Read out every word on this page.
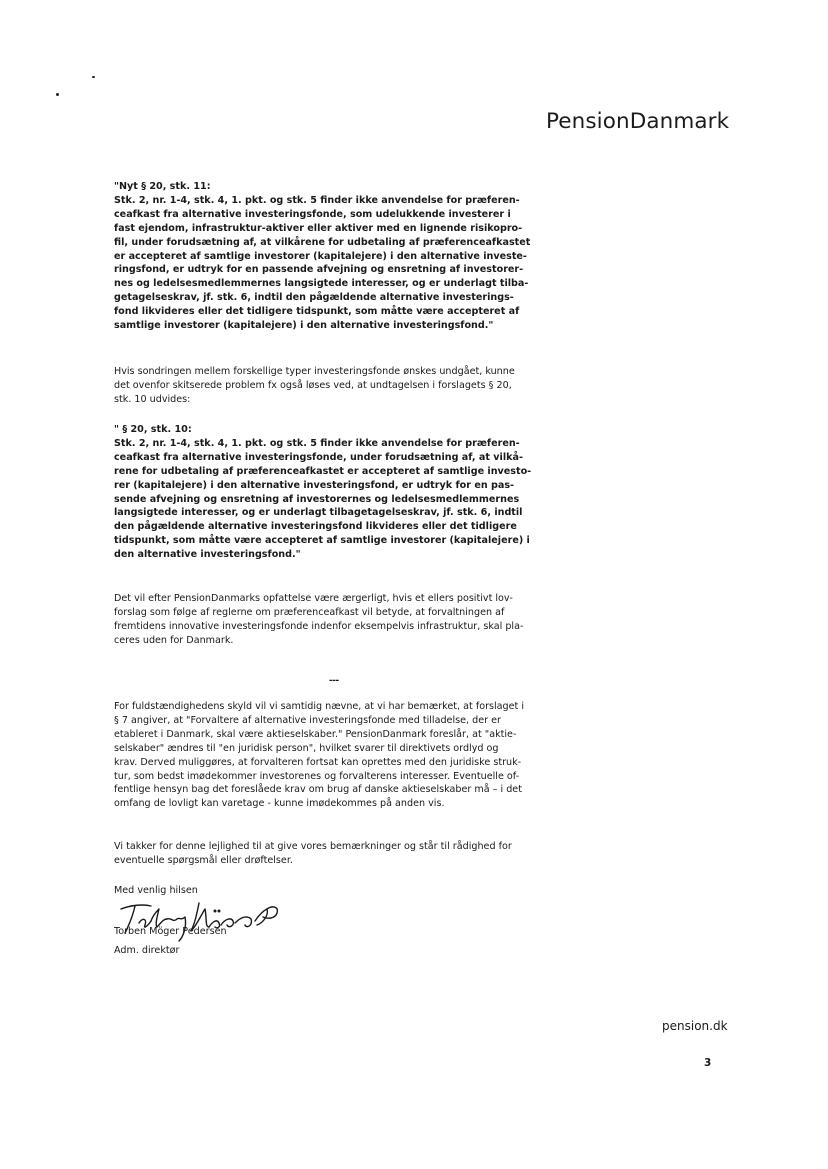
PensionDanmark
"Nyt § 20, stk. 11:
Stk. 2, nr. 1-4, stk. 4, 1. pkt. og stk. 5 finder ikke anvendelse for præferen-
ceafkast fra alternative investeringsfonde, som udelukkende investerer i
fast ejendom, infrastruktur-aktiver eller aktiver med en lignende risikopro-
fil, under forudsætning af, at vilkårene for udbetaling af præferenceafkastet
er accepteret af samtlige investorer (kapitalejere) i den alternative investe-
ringsfond, er udtryk for en passende afvejning og ensretning af investorer-
nes og ledelsesmedlemmernes langsigtede interesser, og er underlagt tilba-
getagelseskrav, jf. stk. 6, indtil den pågældende alternative investerings-
fond likvideres eller det tidligere tidspunkt, som måtte være accepteret af
samtlige investorer (kapitalejere) i den alternative investeringsfond."
Hvis sondringen mellem forskellige typer investeringsfonde ønskes undgået, kunne
det ovenfor skitserede problem fx også løses ved, at undtagelsen i forslagets § 20,
stk. 10 udvides:
" § 20, stk. 10:
Stk. 2, nr. 1-4, stk. 4, 1. pkt. og stk. 5 finder ikke anvendelse for præferen-
ceafkast fra alternative investeringsfonde, under forudsætning af, at vilkå-
rene for udbetaling af præferenceafkastet er accepteret af samtlige investo-
rer (kapitalejere) i den alternative investeringsfond, er udtryk for en pas-
sende afvejning og ensretning af investorernes og ledelsesmedlemmernes
langsigtede interesser, og er underlagt tilbagetagelseskrav, jf. stk. 6, indtil
den pågældende alternative investeringsfond likvideres eller det tidligere
tidspunkt, som måtte være accepteret af samtlige investorer (kapitalejere) i
den alternative investeringsfond."
Det vil efter PensionDanmarks opfattelse være ærgerligt, hvis et ellers positivt lov-
forslag som følge af reglerne om præferenceafkast vil betyde, at forvaltningen af
fremtidens innovative investeringsfonde indenfor eksempelvis infrastruktur, skal pla-
ceres uden for Danmark.
---
For fuldstændighedens skyld vil vi samtidig nævne, at vi har bemærket, at forslaget i
§ 7 angiver, at "Forvaltere af alternative investeringsfonde med tilladelse, der er
etableret i Danmark, skal være aktieselskaber." PensionDanmark foreslår, at "aktie-
selskaber" ændres til "en juridisk person", hvilket svarer til direktivets ordlyd og
krav. Derved muliggøres, at forvalteren fortsat kan oprettes med den juridiske struk-
tur, som bedst imødekommer investorenes og forvalterens interesser. Eventuelle of-
fentlige hensyn bag det foreslåede krav om brug af danske aktieselskaber må – i det
omfang de lovligt kan varetage - kunne imødekommes på anden vis.
Vi takker for denne lejlighed til at give vores bemærkninger og står til rådighed for
eventuelle spørgsmål eller drøftelser.
Med venlig hilsen
Torben Möger Pedersen
Adm. direktør
pension.dk
3
